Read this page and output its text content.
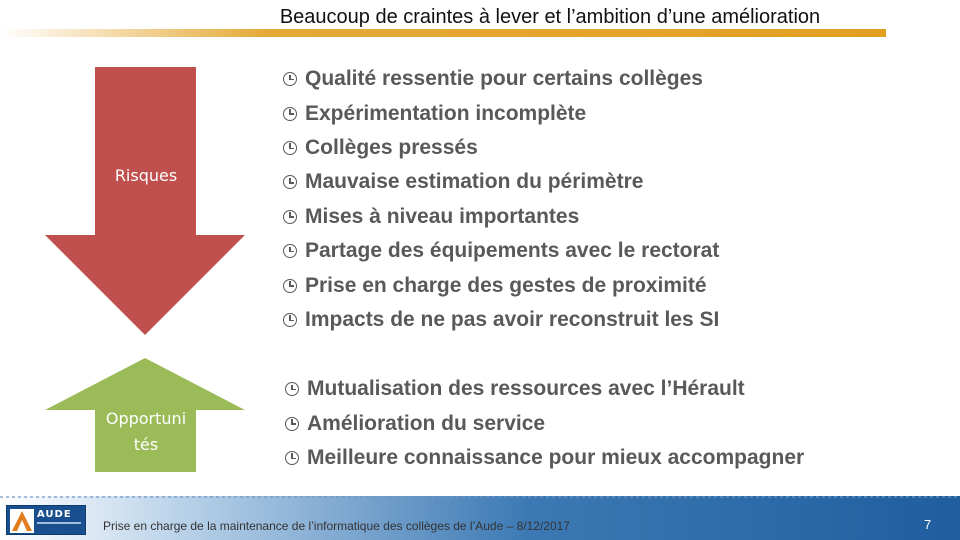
Beaucoup de craintes à lever et l’ambition d’une amélioration
Risques
Opportuni
tés
Qualité ressentie pour certains collèges
Expérimentation incomplète
Collèges pressés
Mauvaise estimation du périmètre
Mises à niveau importantes
Partage des équipements avec le rectorat
Prise en charge des gestes de proximité
Impacts de ne pas avoir reconstruit les SI
Mutualisation des ressources avec l’Hérault
Amélioration du service
Meilleure connaissance pour mieux accompagner
AUDE
Prise en charge de la maintenance de l’informatique des collèges de l’Aude – 8/12/2017	7
